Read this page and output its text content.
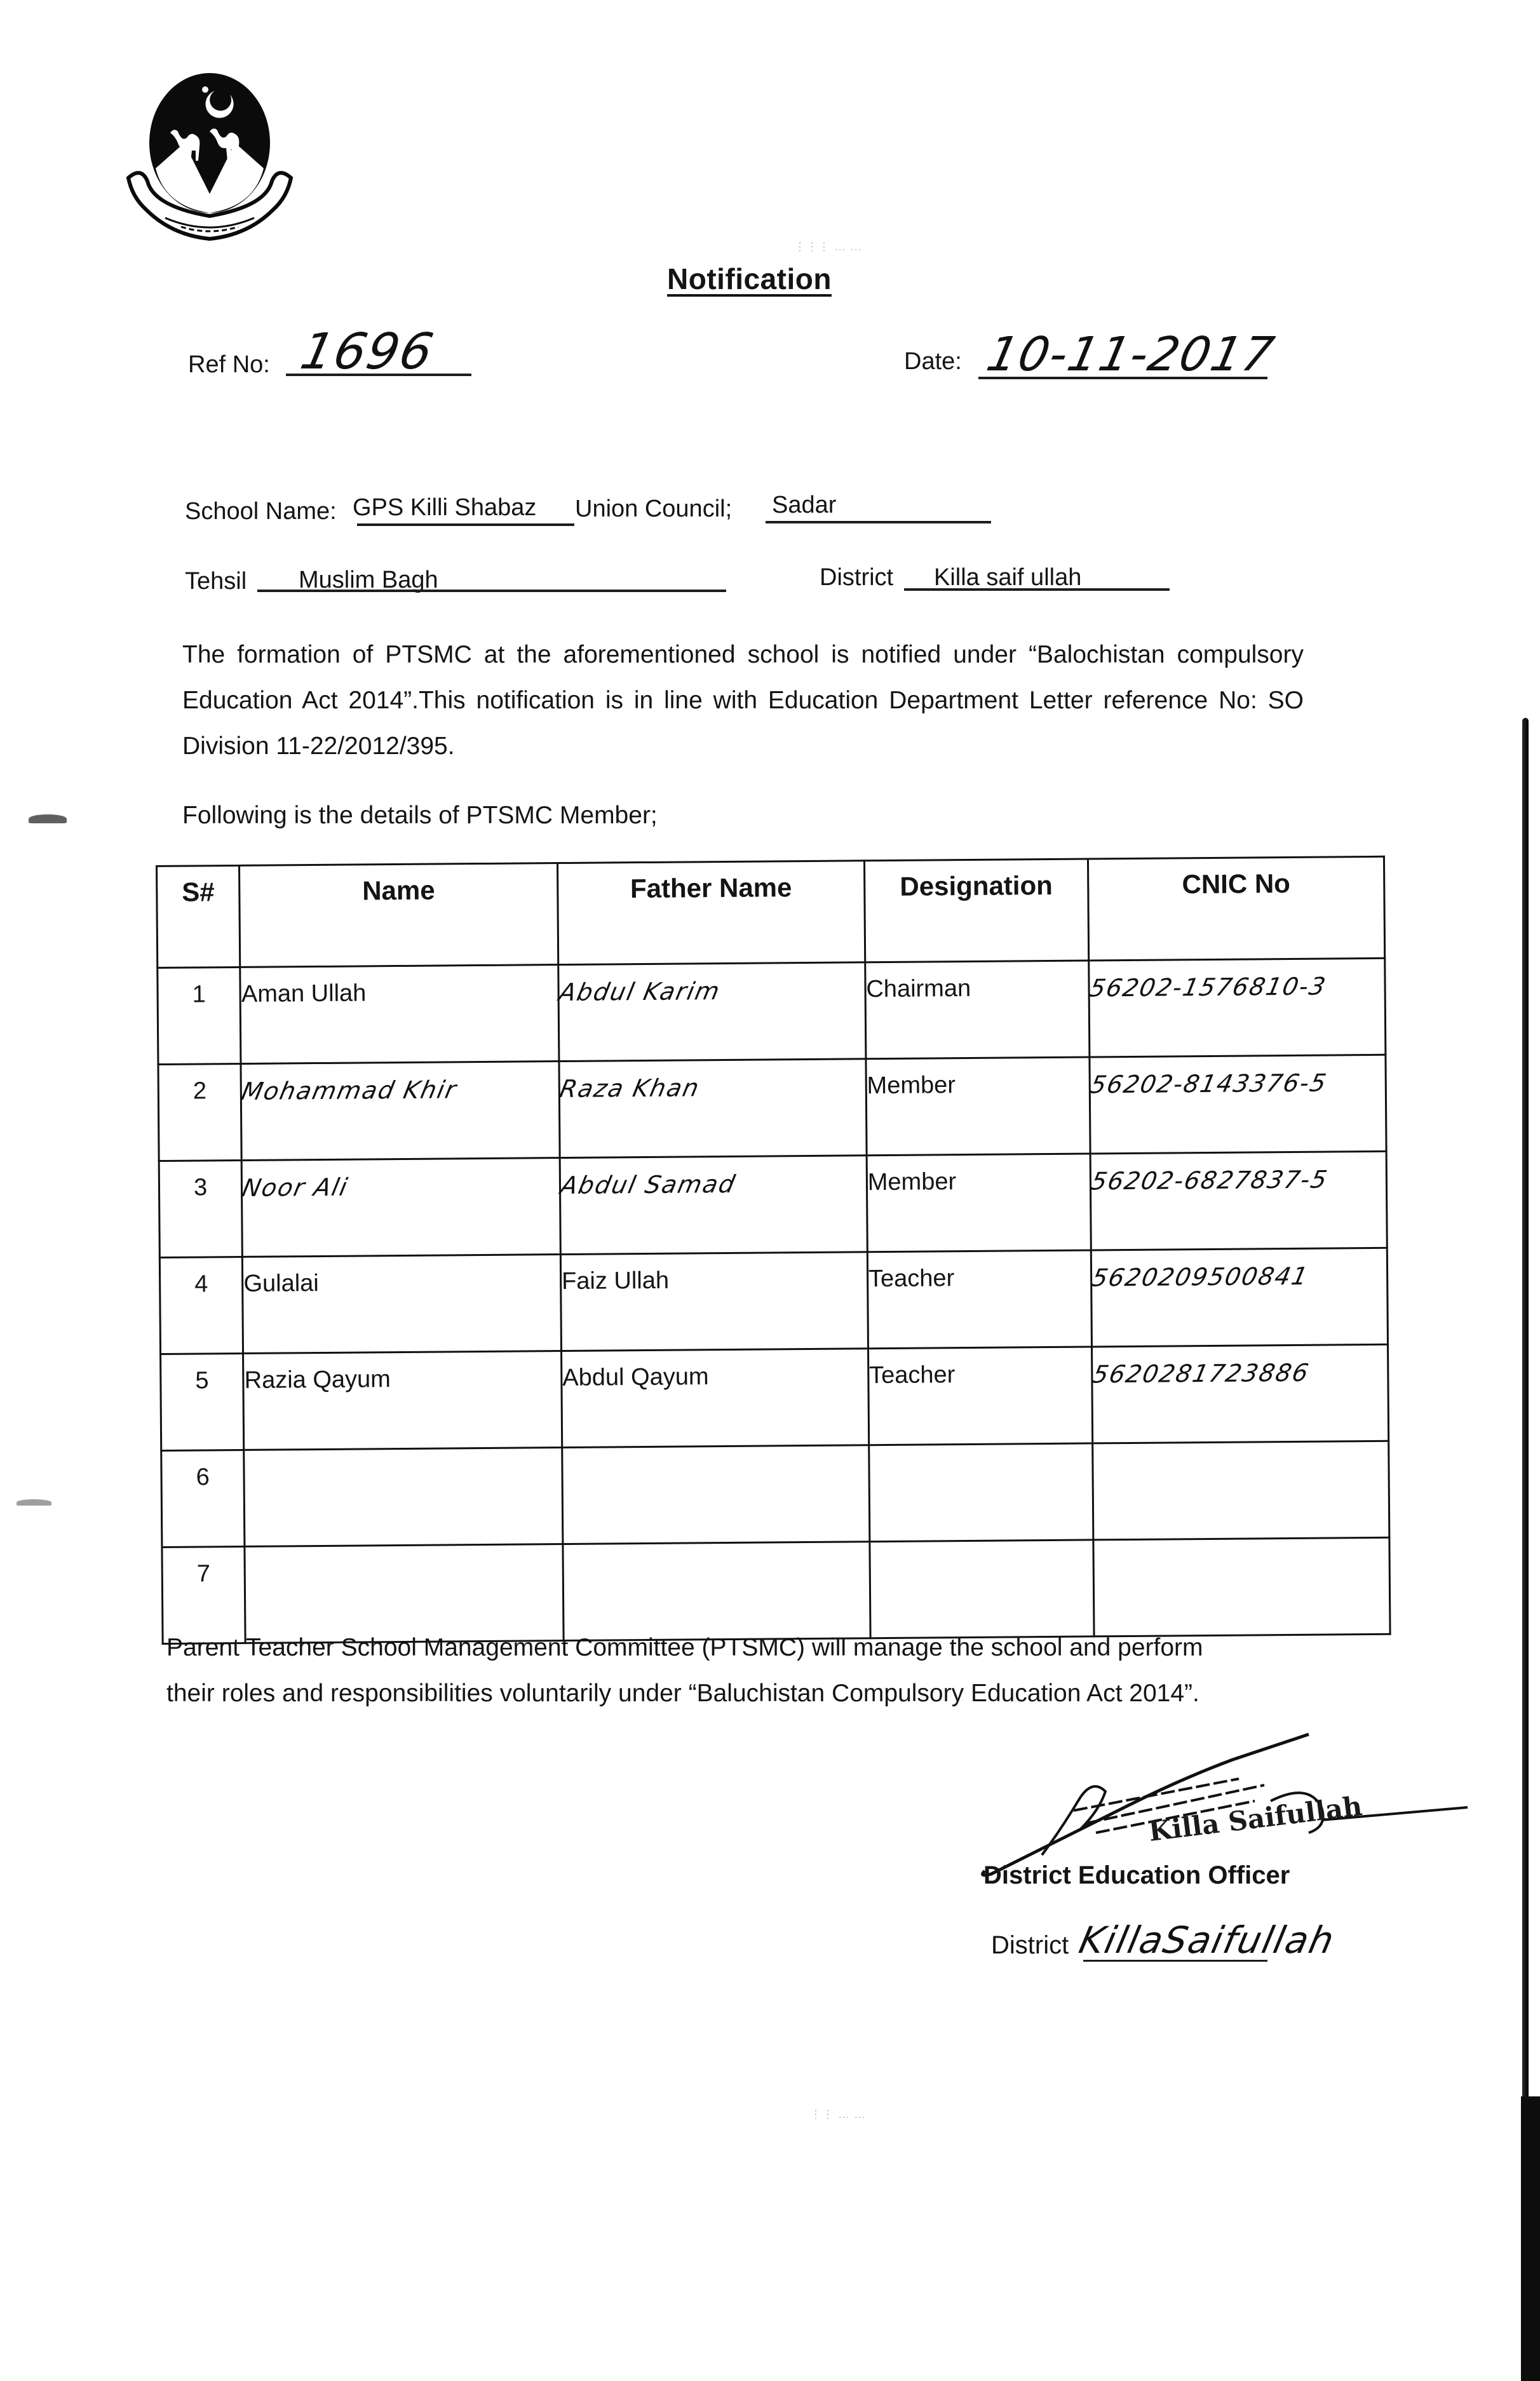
⋮⋮⋮ … …
Notification
Ref No: 1696	Date: 10-11-2017
School Name: GPS Killi Shabaz Union Council; Sadar
Tehsil Muslim Bagh	District Killa saif ullah
The formation of PTSMC at the aforementioned school is notified under “Balochistan compulsory Education Act 2014”.This notification is in line with Education Department Letter reference No: SO Division 11-22/2012/395.
Following is the details of PTSMC Member;
S#	Name	Father Name	Designation	CNIC No
1	Aman Ullah	Abdul Karim	Chairman	56202-1576810-3
2	Mohammad Khir	Raza Khan	Member	56202-8143376-5
3	Noor Ali	Abdul Samad	Member	56202-6827837-5
4	Gulalai	Faiz Ullah	Teacher	5620209500841
5	Razia Qayum	Abdul Qayum	Teacher	5620281723886
6				
7				
Parent Teacher School Management Committee (PTSMC) will manage the school and perform their roles and responsibilities voluntarily under “Baluchistan Compulsory Education Act 2014”.
Killa Saifullah
District Education Officer
District KillaSaifullah
⋮⋮ … …
